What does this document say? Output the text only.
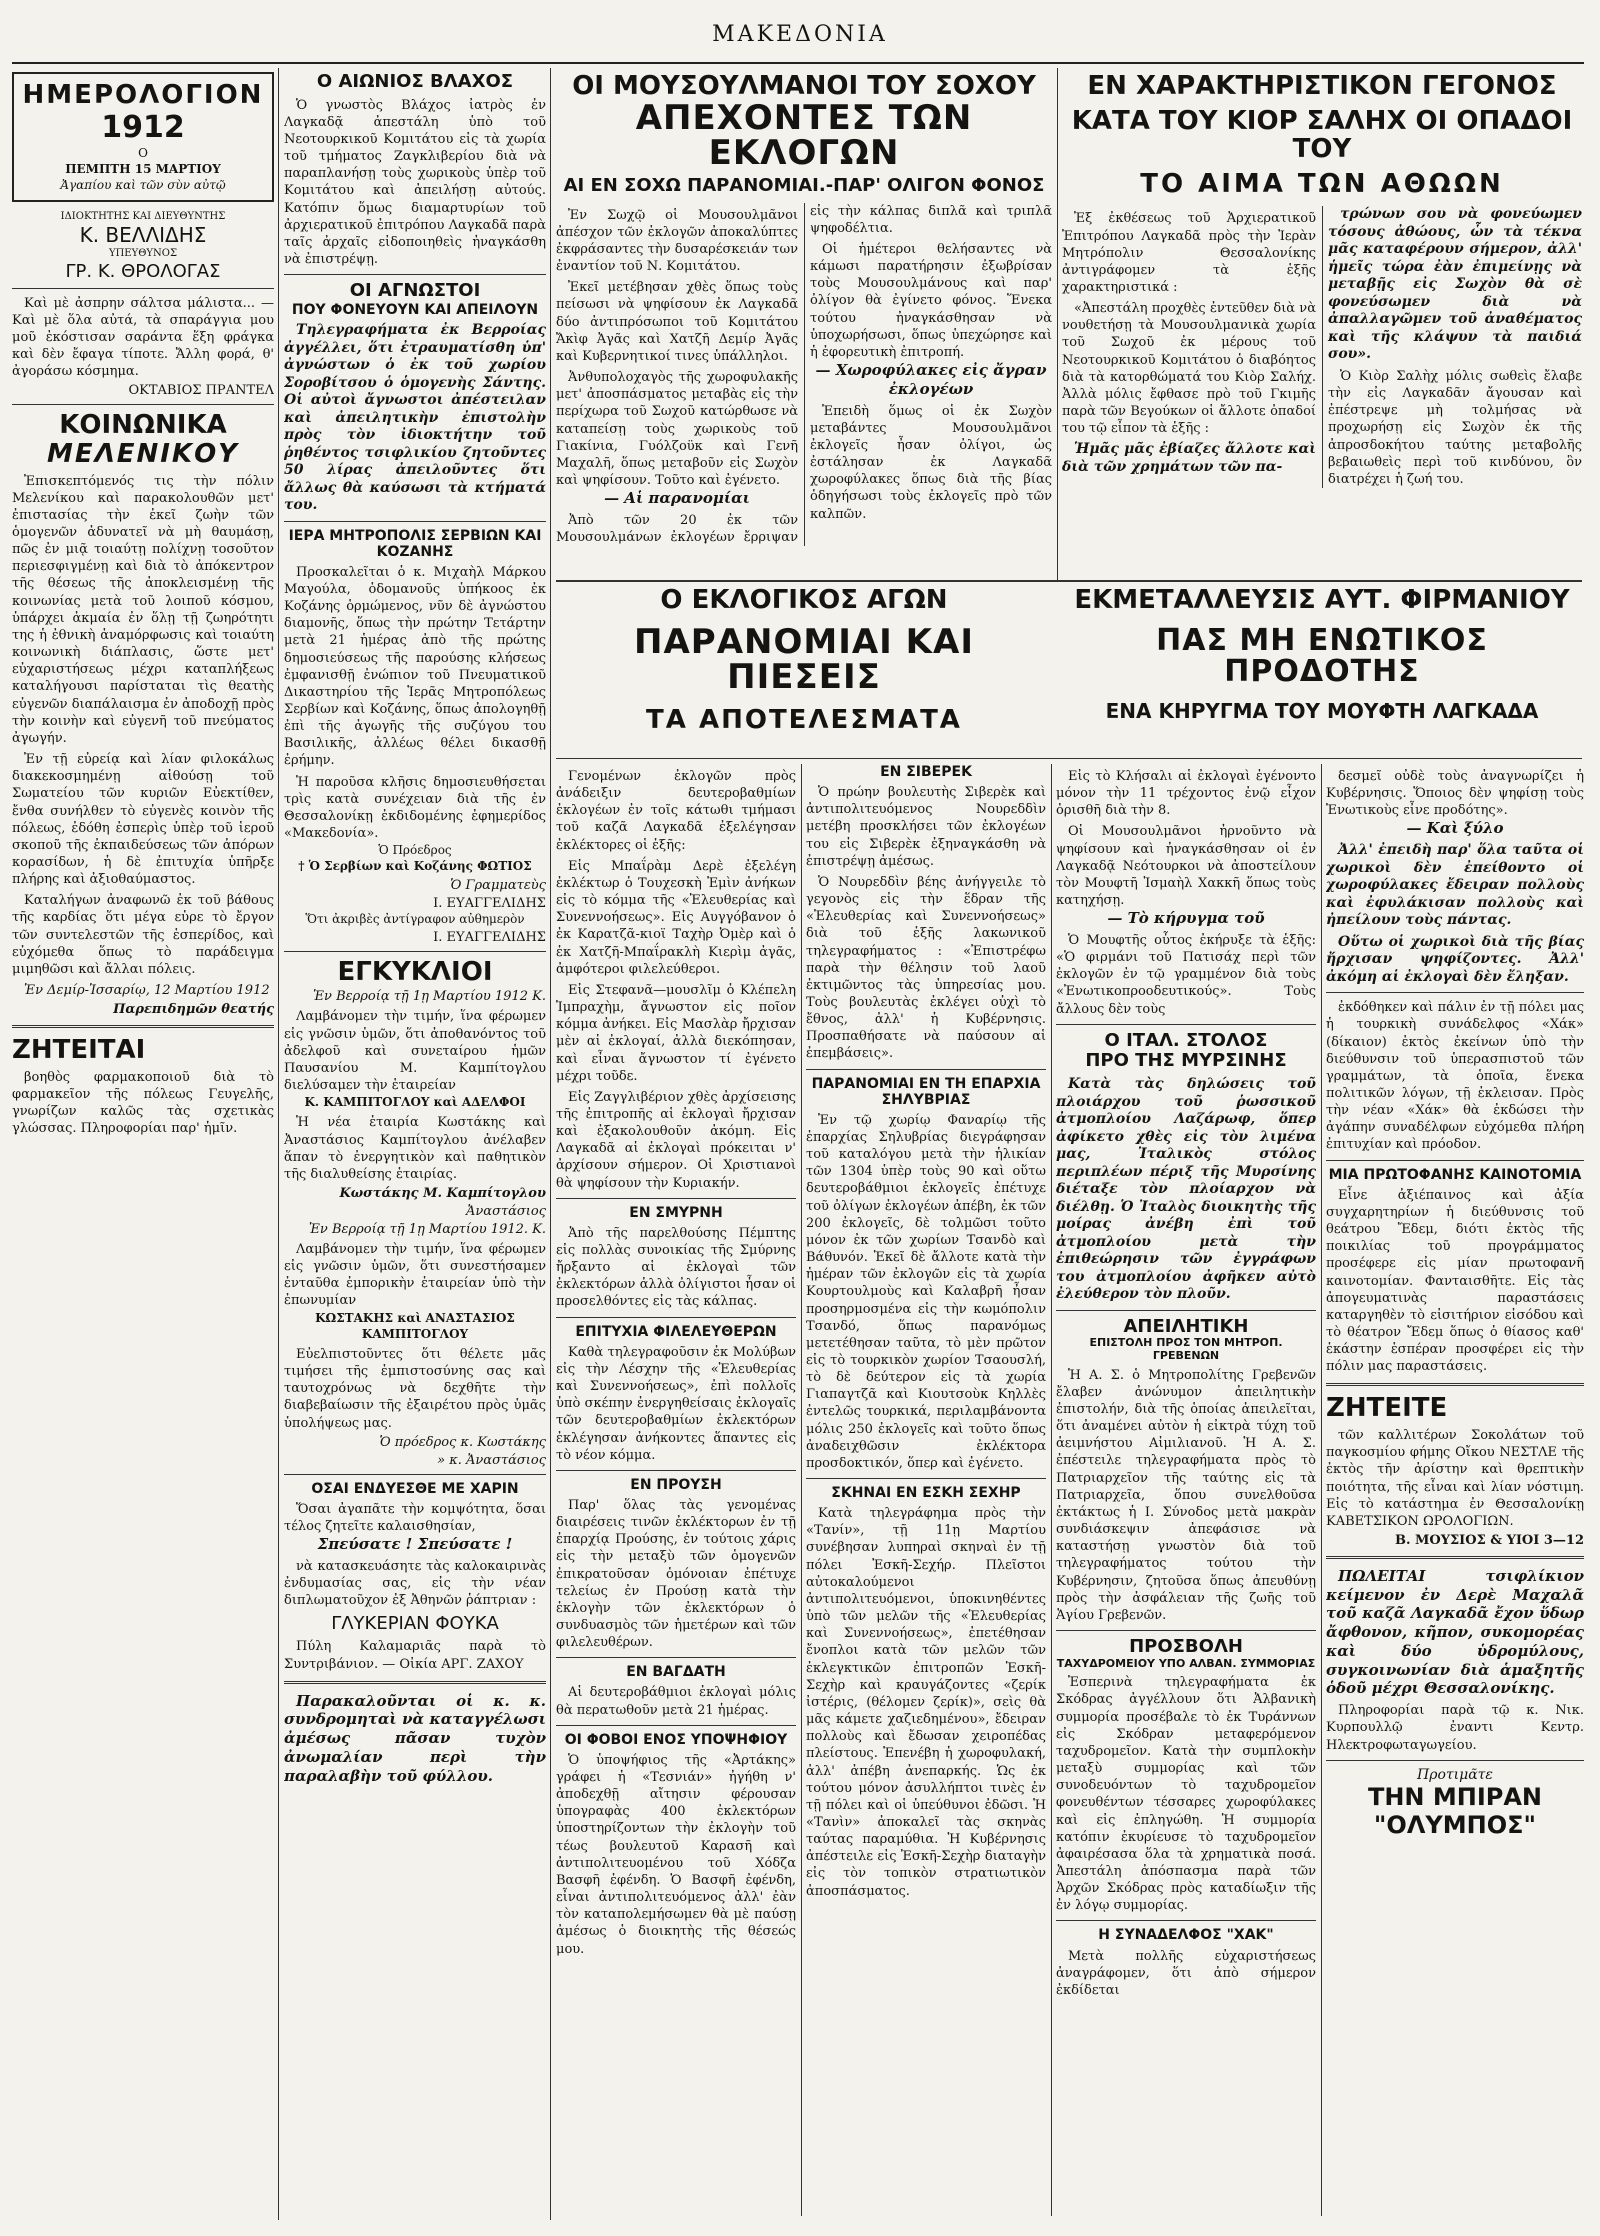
ΜΑΚΕΔΟΝΙΑ
ΗΜΕΡΟΛΟΓΙΟΝ
1912
Ο
ΠΕΜΠΤΗ 15 ΜΑΡΤΙΟΥ
Ἀγαπίου καὶ τῶν σὺν αὐτῷ
ΙΔΙΟΚΤΗΤΗΣ ΚΑΙ ΔΙΕΥΘΥΝΤΗΣ
Κ. ΒΕΛΛΙΔΗΣ
ΥΠΕΥΘΥΝΟΣ
ΓΡ. Κ. ΘΡΟΛΟΓΑΣ

Καὶ μὲ ἀσπρην σάλτσα μάλιστα... — Καὶ μὲ ὅλα αὐτά, τὰ σπαράγγια μου μοῦ ἐκόστισαν σαράντα ἕξη φράγκα καὶ δὲν ἔφαγα τίποτε. Ἄλλη φορά, θ' ἀγοράσω κόσμημα.

ΟΚΤΑΒΙΟΣ ΠΡΑΝΤΕΛ
ΚΟΙΝΩΝΙΚΑ
ΜΕΛΕΝΙΚΟΥ

Ἐπισκεπτόμενός τις τὴν πόλιν Μελενίκου καὶ παρακολουθῶν μετ' ἐπιστασίας τὴν ἐκεῖ ζωὴν τῶν ὁμογενῶν ἀδυνατεῖ νὰ μὴ θαυμάσῃ, πῶς ἐν μιᾷ τοιαύτῃ πολίχνῃ τοσοῦτον περιεσφιγμένῃ καὶ διὰ τὸ ἀπόκεντρον τῆς θέσεως τῆς ἀποκλεισμένῃ τῆς κοινωνίας μετὰ τοῦ λοιποῦ κόσμου, ὑπάρχει ἀκμαία ἐν ὅλῃ τῇ ζωηρότητι της ἡ ἐθνικὴ ἀναμόρφωσις καὶ τοιαύτη κοινωνικὴ διάπλασις, ὥστε μετ' εὐχαριστήσεως μέχρι καταπλήξεως καταλήγουσι παρίσταται τὶς θεατὴς εὐγενῶν διαπάλαισμα ἐν ἀποδοχῇ πρὸς τὴν κοινὴν καὶ εὐγενῆ τοῦ πνεύματος ἀγωγήν.

Ἐν τῇ εὐρείᾳ καὶ λίαν φιλοκάλως διακεκοσμημένῃ αἰθούσῃ τοῦ Σωματείου τῶν κυριῶν Εὐεκτίθεν, ἔνθα συνήλθεν τὸ εὐγενὲς κοινὸν τῆς πόλεως, ἐδόθη ἐσπερὶς ὑπὲρ τοῦ ἱεροῦ σκοποῦ τῆς ἐκπαιδεύσεως τῶν ἀπόρων κορασίδων, ἡ δὲ ἐπιτυχία ὑπῆρξε πλήρης καὶ ἀξιοθαύμαστος.

Καταλήγων ἀναφωνῶ ἐκ τοῦ βάθους τῆς καρδίας ὅτι μέγα εὑρε τὸ ἔργον τῶν συντελεστῶν τῆς ἑσπερίδος, καὶ εὐχόμεθα ὅπως τὸ παράδειγμα μιμηθῶσι καὶ ἄλλαι πόλεις.

Ἐν Δεμίρ-Ἰσσαρίῳ, 12 Μαρτίου 1912

Παρεπιδημῶν θεατής
ΖΗΤΕΙΤΑΙ

βοηθὸς φαρμακοποιοῦ διὰ τὸ φαρμακεῖον τῆς πόλεως Γευγελῆς, γνωρίζων καλῶς τὰς σχετικὰς γλώσσας. Πληροφορίαι παρ' ἡμῖν.

Ο ΑΙΩΝΙΟΣ ΒΛΑΧΟΣ

Ὁ γνωστὸς Βλάχος ἰατρὸς ἐν Λαγκαδᾷ ἀπεστάλη ὑπὸ τοῦ Νεοτουρκικοῦ Κομιτάτου εἰς τὰ χωρία τοῦ τμήματος Ζαγκλιβερίου διὰ νὰ παραπλανήσῃ τοὺς χωρικοὺς ὑπὲρ τοῦ Κομιτάτου καὶ ἀπειλήσῃ αὐτούς. Κατόπιν ὅμως διαμαρτυρίων τοῦ ἀρχιερατικοῦ ἐπιτρόπου Λαγκαδᾶ παρὰ ταῖς ἀρχαῖς εἰδοποιηθεὶς ἠναγκάσθη νὰ ἐπιστρέψῃ.

ΟΙ ΑΓΝΩΣΤΟΙ
ΠΟΥ ΦΟΝΕΥΟΥΝ ΚΑΙ ΑΠΕΙΛΟΥΝ

Τηλεγραφήματα ἐκ Βερροίας ἀγγέλλει, ὅτι ἐτραυματίσθη ὑπ' ἀγνώστων ὁ ἐκ τοῦ χωρίου Σοροβίτσου ὁ ὁμογενὴς Σάντης. Οἱ αὐτοὶ ἄγνωστοι ἀπέστειλαν καὶ ἀπειλητικὴν ἐπιστολὴν πρὸς τὸν ἰδιοκτήτην τοῦ ῥηθέντος τσιφλικίου ζητοῦντες 50 λίρας ἀπειλοῦντες ὅτι ἄλλως θὰ καύσωσι τὰ κτήματά του.

ΙΕΡΑ ΜΗΤΡΟΠΟΛΙΣ ΣΕΡΒΙΩΝ ΚΑΙ ΚΟΖΑΝΗΣ

Προσκαλεῖται ὁ κ. Μιχαὴλ Μάρκου Μαγούλα, ὁδομανοῦς ὑπήκοος ἐκ Κοζάνης ὁρμώμενος, νῦν δὲ ἀγνώστου διαμονῆς, ὅπως τὴν πρώτην Τετάρτην μετὰ 21 ἡμέρας ἀπὸ τῆς πρώτης δημοσιεύσεως τῆς παρούσης κλήσεως ἐμφανισθῇ ἐνώπιον τοῦ Πνευματικοῦ Δικαστηρίου τῆς Ἱερᾶς Μητροπόλεως Σερβίων καὶ Κοζάνης, ὅπως ἀπολογηθῇ ἐπὶ τῆς ἀγωγῆς τῆς συζύγου του Βασιλικῆς, ἀλλέως θέλει δικασθῇ ἐρήμην.

Ἡ παροῦσα κλῆσις δημοσιευθήσεται τρὶς κατὰ συνέχειαν διὰ τῆς ἐν Θεσσαλονίκῃ ἐκδιδομένης ἐφημερίδος «Μακεδονία».

Ὁ Πρόεδρος
† Ὁ Σερβίων καὶ Κοζάνης ΦΩΤΙΟΣ
Ὁ Γραμματεὺς
Ι. ΕΥΑΓΓΕΛΙΔΗΣ
Ὅτι ἀκριβὲς ἀντίγραφον αὐθημερὸν
Ι. ΕΥΑΓΓΕΛΙΔΗΣ
ΕΓΚΥΚΛΙΟΙ
Ἐν Βερροίᾳ τῇ 1ῃ Μαρτίου 1912 Κ.

Λαμβάνομεν τὴν τιμήν, ἵνα φέρωμεν εἰς γνῶσιν ὑμῶν, ὅτι ἀποθανόντος τοῦ ἀδελφοῦ καὶ συνεταίρου ἡμῶν Παυσανίου Μ. Καμπίτογλου διελύσαμεν τὴν ἑταιρείαν

Κ. ΚΑΜΠΙΤΟΓΛΟΥ καὶ ΑΔΕΛΦΟΙ

Ἡ νέα ἑταιρία Κωστάκης καὶ Ἀναστάσιος Καμπίτογλου ἀνέλαβεν ἅπαν τὸ ἐνεργητικὸν καὶ παθητικὸν τῆς διαλυθείσης ἑταιρίας.

Κωστάκης Μ. Καμπίτογλου
Ἀναστάσιος
Ἐν Βερροίᾳ τῇ 1ῃ Μαρτίου 1912. Κ.

Λαμβάνομεν τὴν τιμήν, ἵνα φέρωμεν εἰς γνῶσιν ὑμῶν, ὅτι συνεστήσαμεν ἐνταῦθα ἐμπορικὴν ἑταιρείαν ὑπὸ τὴν ἐπωνυμίαν

ΚΩΣΤΑΚΗΣ καὶ ΑΝΑΣΤΑΣΙΟΣ ΚΑΜΠΙΤΟΓΛΟΥ

Εὐελπιστοῦντες ὅτι θέλετε μᾶς τιμήσει τῆς ἐμπιστοσύνης σας καὶ ταυτοχρόνως νὰ δεχθῆτε τὴν διαβεβαίωσιν τῆς ἐξαιρέτου πρὸς ὑμᾶς ὑπολήψεως μας.

Ὁ πρόεδρος κ. Κωστάκης
» κ. Ἀναστάσιος
ΟΣΑΙ ΕΝΔΥΕΣΘΕ ΜΕ ΧΑΡΙΝ

Ὅσαι ἀγαπᾶτε τὴν κομψότητα, ὅσαι τέλος ζητεῖτε καλαισθησίαν,

Σπεύσατε ! Σπεύσατε !

νὰ κατασκευάσητε τὰς καλοκαιρινὰς ἐνδυμασίας σας, εἰς τὴν νέαν διπλωματοῦχον ἐξ Ἀθηνῶν ῥάπτριαν :

ΓΛΥΚΕΡΙΑΝ ΦΟΥΚΑ

Πύλη Καλαμαριᾶς παρὰ τὸ Συντριβάνιον. — Οἰκία ΑΡΓ. ΖΑΧΟΥ

Παρακαλοῦνται οἱ κ. κ. συνδρομηταὶ νὰ καταγγέλωσι ἀμέσως πᾶσαν τυχὸν ἀνωμαλίαν περὶ τὴν παραλαβὴν τοῦ φύλλου.

ΟΙ ΜΟΥΣΟΥΛΜΑΝΟΙ ΤΟΥ ΣΟΧΟΥ
ΑΠΕΧΟΝΤΕΣ ΤΩΝ ΕΚΛΟΓΩΝ
ΑΙ ΕΝ ΣΟΧΩ ΠΑΡΑΝΟΜΙΑΙ.-ΠΑΡ' ΟΛΙΓΟΝ ΦΟΝΟΣ

Ἐν Σωχῷ οἱ Μουσουλμᾶνοι ἀπέσχον τῶν ἐκλογῶν ἀποκαλύπτες ἐκφράσαντες τὴν δυσαρέσκειάν των ἐναντίον τοῦ Ν. Κομιτάτου.

Ἐκεῖ μετέβησαν χθὲς ὅπως τοὺς πείσωσι νὰ ψηφίσουν ἐκ Λαγκαδᾶ δύο ἀντιπρόσωποι τοῦ Κομιτάτου Ἄκὶφ Ἀγᾶς καὶ Χατζῆ Δεμίρ Ἀγᾶς καὶ Κυβερνητικοί τινες ὑπάλληλοι.

Ἀνθυπολοχαγὸς τῆς χωροφυλακῆς μετ' ἀποσπάσματος μεταβὰς εἰς τὴν περίχωρα τοῦ Σωχοῦ κατώρθωσε νὰ καταπείσῃ τοὺς χωρικοὺς τοῦ Γιακίνια, Γυόλζοϋκ καὶ Γενῆ Μαχαλῆ, ὅπως μεταβοῦν εἰς Σωχὸν καὶ ψηφίσουν. Τοῦτο καὶ ἐγένετο.

— Αἱ παρανομίαι

Ἀπὸ τῶν 20 ἐκ τῶν Μουσουλμάνων ἐκλογέων ἔρριψαν εἰς τὴν κάλπας διπλᾶ καὶ τριπλᾶ ψηφοδέλτια.

Οἱ ἡμέτεροι θελήσαντες νὰ κάμωσι παρατήρησιν ἐξωβρίσαν τοὺς Μουσουλμάνους καὶ παρ' ὀλίγον θὰ ἐγίνετο φόνος. Ἕνεκα τούτου ἠναγκάσθησαν νὰ ὑποχωρήσωσι, ὅπως ὑπεχώρησε καὶ ἡ ἐφορευτικὴ ἐπιτροπή.

— Χωροφύλακες εἰς ἄγραν ἐκλογέων

Ἐπειδὴ ὅμως οἱ ἐκ Σωχὸν μεταβάντες Μουσουλμᾶνοι ἐκλογεῖς ἦσαν ὀλίγοι, ὡς ἐστάλησαν ἐκ Λαγκαδᾶ χωροφύλακες ὅπως διὰ τῆς βίας ὁδηγήσωσι τοὺς ἐκλογεῖς πρὸ τῶν καλπῶν.

ΕΝ ΧΑΡΑΚΤΗΡΙΣΤΙΚΟΝ ΓΕΓΟΝΟΣ
ΚΑΤΑ ΤΟΥ ΚΙΟΡ ΣΑΛΗΧ ΟΙ ΟΠΑΔΟΙ ΤΟΥ
ΤΟ ΑΙΜΑ ΤΩΝ ΑΘΩΩΝ

Ἐξ ἐκθέσεως τοῦ Ἀρχιερατικοῦ Ἐπιτρόπου Λαγκαδᾶ πρὸς τὴν Ἱερὰν Μητρόπολιν Θεσσαλονίκης ἀντιγράφομεν τὰ ἑξῆς χαρακτηριστικά :

«Ἀπεστάλη προχθὲς ἐντεῦθεν διὰ νὰ νουθετήσῃ τὰ Μουσουλμανικὰ χωρία τοῦ Σωχοῦ ἐκ μέρους τοῦ Νεοτουρκικοῦ Κομιτάτου ὁ διαβόητος διὰ τὰ κατορθώματά του Κιὸρ Σαλήχ. Ἀλλὰ μόλις ἔφθασε πρὸ τοῦ Γκιμῆς παρὰ τῶν Βεγούκων οἱ ἄλλοτε ὀπαδοί του τῷ εἶπον τὰ ἑξῆς :

Ἡμᾶς μᾶς ἐβίαζες ἄλλοτε καὶ διὰ τῶν χρημάτων τῶν πα-

τρώνων σου νὰ φονεύωμεν τόσους ἀθώους, ὧν τὰ τέκνα μᾶς καταφέρουν σήμερον, ἀλλ' ἡμεῖς τώρα ἐὰν ἐπιμείνῃς νὰ μεταβῇς εἰς Σωχὸν θὰ σὲ φονεύσωμεν διὰ νὰ ἀπαλλαγῶμεν τοῦ ἀναθέματος καὶ τῆς κλάψυν τὰ παιδιά σου».

Ὁ Κιὸρ Σαλὴχ μόλις σωθεὶς ἔλαβε τὴν εἰς Λαγκαδᾶν ἄγουσαν καὶ ἐπέστρεψε μὴ τολμήσας νὰ προχωρήσῃ εἰς Σωχὸν ἐκ τῆς ἀπροσδοκήτου ταύτης μεταβολῆς βεβαιωθεὶς περὶ τοῦ κινδύνου, ὃν διατρέχει ἡ ζωή του.

Ο ΕΚΛΟΓΙΚΟΣ ΑΓΩΝ
ΠΑΡΑΝΟΜΙΑΙ ΚΑΙ ΠΙΕΣΕΙΣ
ΤΑ ΑΠΟΤΕΛΕΣΜΑΤΑ
ΕΚΜΕΤΑΛΛΕΥΣΙΣ ΑΥΤ. ΦΙΡΜΑΝΙΟΥ
ΠΑΣ ΜΗ ΕΝΩΤΙΚΟΣ ΠΡΟΔΟΤΗΣ
ΕΝΑ ΚΗΡΥΓΜΑ ΤΟΥ ΜΟΥΦΤΗ ΛΑΓΚΑΔΑ

Γενομένων ἐκλογῶν πρὸς ἀνάδειξιν δευτεροβαθμίων ἐκλογέων ἐν τοῖς κάτωθι τμήμασι τοῦ καζᾶ Λαγκαδᾶ ἐξελέγησαν ἐκλέκτορες οἱ ἑξῆς:

Εἰς Μπαΐρὰμ Δερὲ ἐξελέγη ἐκλέκτωρ ὁ Τουχεσκὴ Ἐμὶν ἀνήκων εἰς τὸ κόμμα τῆς «Ἐλευθερίας καὶ Συνεννοήσεως». Εἰς Αυγγόβανον ὁ ἐκ Καρατζᾶ-κιοϊ Ταχὴρ Ὀμὲρ καὶ ὁ ἐκ Χατζῆ-Μπαΐρακλὴ Κιερὶμ ἀγᾶς, ἀμφότεροι φιλελεύθεροι.

Εἰς Στεφανᾶ—μουσλῖμ ὁ Κλέπελη Ἰμπραχὴμ, ἄγνωστον εἰς ποῖον κόμμα ἀνήκει. Εἰς Μασλὰρ ἤρχισαν μὲν αἱ ἐκλογαί, ἀλλὰ διεκόπησαν, καὶ εἶναι ἄγνωστον τί ἐγένετο μέχρι τοῦδε.

Εἰς Ζαγγλιβέριον χθὲς ἀρχίσεισης τῆς ἐπιτροπῆς αἱ ἐκλογαὶ ἤρχισαν καὶ ἐξακολουθοῦν ἀκόμη. Εἰς Λαγκαδᾶ αἱ ἐκλογαὶ πρόκειται ν' ἀρχίσουν σήμερον. Οἱ Χριστιανοὶ θὰ ψηφίσουν τὴν Κυριακήν.

ΕΝ ΣΜΥΡΝΗ

Ἀπὸ τῆς παρελθούσης Πέμπτης εἰς πολλὰς συνοικίας τῆς Σμύρνης ἤρξαντο αἱ ἐκλογαὶ τῶν ἐκλεκτόρων ἀλλὰ ὀλίγιστοι ἦσαν οἱ προσελθόντες εἰς τὰς κάλπας.

ΕΠΙΤΥΧΙΑ ΦΙΛΕΛΕΥΘΕΡΩΝ

Καθὰ τηλεγραφοῦσιν ἐκ Μολύβων εἰς τὴν Λέσχην τῆς «Ἐλευθερίας καὶ Συνεννοήσεως», ἐπὶ πολλοῖς ὑπὸ σκέπην ἐνεργηθείσαις ἐκλογαῖς τῶν δευτεροβαθμίων ἐκλεκτόρων ἐκλέγησαν ἀνήκοντες ἅπαντες εἰς τὸ νέον κόμμα.

ΕΝ ΠΡΟΥΣΗ

Παρ' ὅλας τὰς γενομένας διαιρέσεις τινῶν ἐκλέκτορων ἐν τῇ ἐπαρχίᾳ Προύσης, ἐν τούτοις χάρις εἰς τὴν μεταξὺ τῶν ὁμογενῶν ἐπικρατοῦσαν ὁμόνοιαν ἐπέτυχε τελείως ἐν Προύσῃ κατὰ τὴν ἐκλογὴν τῶν ἐκλεκτόρων ὁ συνδυασμὸς τῶν ἡμετέρων καὶ τῶν φιλελευθέρων.

ΕΝ ΒΑΓΔΑΤΗ

Αἱ δευτεροβάθμιοι ἐκλογαὶ μόλις θὰ περατωθοῦν μετὰ 21 ἡμέρας.

ΟΙ ΦΟΒΟΙ ΕΝΟΣ ΥΠΟΨΗΦΙΟΥ

Ὁ ὑποψήφιος τῆς «Ἀρτάκης» γράφει ἡ «Τεσνιάν» ἠγήθη ν' ἀποδεχθῇ αἴτησιν φέρουσαν ὑπογραφὰς 400 ἐκλεκτόρων ὑποστηρίζοντων τὴν ἐκλογὴν τοῦ τέως βουλευτοῦ Καρασῆ καὶ ἀντιπολιτευομένου τοῦ Χόδζα Βασφῆ ἐφένδη. Ὁ Βασφῆ ἐφένδη, εἶναι ἀντιπολιτευόμενος ἀλλ' ἐὰν τὸν καταπολεμήσωμεν θὰ μὲ παύσῃ ἀμέσως ὁ διοικητὴς τῆς θέσεώς μου.

ΕΝ ΣΙΒΕΡΕΚ

Ὁ πρώην βουλευτὴς Σιβερὲκ καὶ ἀντιπολιτευόμενος Νουρεδδὶν μετέβη προσκλήσει τῶν ἐκλογέων του εἰς Σιβερὲκ ἐξηναγκάσθη νὰ ἐπιστρέψῃ ἀμέσως.

Ὁ Νουρεδδὶν βέης ἀνήγγειλε τὸ γεγονὸς εἰς τὴν ἕδραν τῆς «Ἐλευθερίας καὶ Συνεννοήσεως» διὰ τοῦ ἑξῆς λακωνικοῦ τηλεγραφήματος : «Ἐπιστρέφω παρὰ τὴν θέλησιν τοῦ λαοῦ ἐκτιμῶντος τὰς ὑπηρεσίας μου. Τοὺς βουλευτὰς ἐκλέγει οὐχὶ τὸ ἔθνος, ἀλλ' ἡ Κυβέρνησις. Προσπαθήσατε νὰ παύσουν αἱ ἐπεμβάσεις».

ΠΑΡΑΝΟΜΙΑΙ ΕΝ ΤΗ ΕΠΑΡΧΙΑ ΣΗΛΥΒΡΙΑΣ

Ἐν τῷ χωρίῳ Φαναρίῳ τῆς ἐπαρχίας Σηλυβρίας διεγράφησαν τοῦ καταλόγου μετὰ τὴν ἡλικίαν τῶν 1304 ὑπὲρ τοὺς 90 καὶ οὕτω δευτεροβάθμιοι ἐκλογεῖς ἐπέτυχε τοῦ ὀλίγων ἐκλογέων ἀπέβη, ἐκ τῶν 200 ἐκλογεῖς, δὲ τολμῶσι τοῦτο μόνον ἐκ τῶν χωρίων Τσανδὸ καὶ Βάθυνόν. Ἐκεῖ δὲ ἄλλοτε κατὰ τὴν ἡμέραν τῶν ἐκλογῶν εἰς τὰ χωρία Κουρτουλμοὺς καὶ Καλαβρῆ ἦσαν προσηρμοσμένα εἰς τὴν κωμόπολιν Τσανδό, ὅπως παρανόμως μετετέθησαν ταῦτα, τὸ μὲν πρῶτον εἰς τὸ τουρκικὸν χωρίον Τσαουσλή, τὸ δὲ δεύτερον εἰς τὰ χωρία Γιαπαγτζᾶ καὶ Κιουτσοὺκ Κηλλὲς ἐντελῶς τουρκικά, περιλαμβάνοντα μόλις 250 ἐκλογεῖς καὶ τοῦτο ὅπως ἀναδειχθῶσιν ἐκλέκτορα προσδοκτικόν, ὅπερ καὶ ἐγένετο.

ΣΚΗΝΑΙ ΕΝ ΕΣΚΗ ΣΕΧΗΡ

Κατὰ τηλεγράφημα πρὸς τὴν «Τανίν», τῇ 11ῃ Μαρτίου συνέβησαν λυπηραὶ σκηναὶ ἐν τῇ πόλει Ἐσκῆ-Σεχήρ. Πλεῖστοι αὐτοκαλούμενοι ἀντιπολιτευόμενοι, ὑποκινηθέντες ὑπὸ τῶν μελῶν τῆς «Ἐλευθερίας καὶ Συνεννοήσεως», ἐπετέθησαν ἔνοπλοι κατὰ τῶν μελῶν τῶν ἐκλεγκτικῶν ἐπιτροπῶν Ἐσκῆ-Σεχὴρ καὶ κραυγάζοντες «ζερίκ ἰστέρις, (θέλομεν ζερίκ)», σεὶς θὰ μᾶς κάμετε χαζιεδημένου», ἔδειραν πολλοὺς καὶ ἔδωσαν χειροπέδας πλείστους. Ἐπενέβη ἡ χωροφυλακή, ἀλλ' ἀπέβη ἀνεπαρκής. Ὡς ἐκ τούτου μόνον ἀσυλλήπτοι τινὲς ἐν τῇ πόλει καὶ οἱ ὑπεύθυνοι ἐδῶσι. Ἡ «Τανὶν» ἀποκαλεῖ τὰς σκηνὰς ταύτας παραμύθια. Ἡ Κυβέρνησις ἀπέστειλε εἰς Ἐσκῆ-Σεχὴρ διαταγὴν εἰς τὸν τοπικὸν στρατιωτικὸν ἀποσπάσματος.

Εἰς τὸ Κλήσαλι αἱ ἐκλογαὶ ἐγένοντο μόνον τὴν 11 τρέχοντος ἐνῷ εἶχον ὁρισθῆ διὰ τὴν 8.

Οἱ Μουσουλμᾶνοι ἠρνοῦντο νὰ ψηφίσουν καὶ ἠναγκάσθησαν οἱ ἐν Λαγκαδᾷ Νεότουρκοι νὰ ἀποστείλουν τὸν Μουφτῆ Ἰσμαὴλ Χακκῆ ὅπως τοὺς κατηχήσῃ.

— Τὸ κήρυγμα τοῦ

Ὁ Μουφτῆς οὗτος ἐκήρυξε τὰ ἑξῆς: «Ὁ φιρμάνι τοῦ Πατισάχ περὶ τῶν ἐκλογῶν ἐν τῷ γραμμένον διὰ τοὺς «Ἐνωτικοπροοδευτικούς». Τοὺς ἄλλους δὲν τοὺς

Ο ΙΤΑΛ. ΣΤΟΛΟΣ
ΠΡΟ ΤΗΣ ΜΥΡΣΙΝΗΣ

Κατὰ τὰς δηλώσεις τοῦ πλοιάρχου τοῦ ῥωσσικοῦ ἀτμοπλοίου Λαζάρωφ, ὅπερ ἀφίκετο χθὲς εἰς τὸν λιμένα μας, Ἰταλικὸς στόλος περιπλέων πέριξ τῆς Μυρσίνης διέταξε τὸν πλοίαρχον νὰ διέλθῃ. Ὁ Ἰταλὸς διοικητὴς τῆς μοίρας ἀνέβη ἐπὶ τοῦ ἀτμοπλοίου μετὰ τὴν ἐπιθεώρησιν τῶν ἐγγράφων του ἀτμοπλοίου ἀφῆκεν αὐτὸ ἐλεύθερον τὸν πλοῦν.

ΑΠΕΙΛΗΤΙΚΗ
ΕΠΙΣΤΟΛΗ ΠΡΟΣ ΤΟΝ ΜΗΤΡΟΠ. ΓΡΕΒΕΝΩΝ

Ἡ Α. Σ. ὁ Μητροπολίτης Γρεβενῶν ἔλαβεν ἀνώνυμον ἀπειλητικὴν ἐπιστολήν, διὰ τῆς ὁποίας ἀπειλεῖται, ὅτι ἀναμένει αὐτὸν ἡ εἰκτρὰ τύχη τοῦ ἀειμνήστου Αἰμιλιανοῦ. Ἡ Α. Σ. ἐπέστειλε τηλεγραφήματα πρὸς τὸ Πατριαρχεῖον τῆς ταύτης εἰς τὰ Πατριαρχεῖα, ὅπου συνελθοῦσα ἐκτάκτως ἡ Ι. Σύνοδος μετὰ μακρὰν συνδιάσκεψιν ἀπεφάσισε νὰ καταστήσῃ γνωστὸν διὰ τοῦ τηλεγραφήματος τούτου τὴν Κυβέρνησιν, ζητοῦσα ὅπως ἀπευθύνῃ πρὸς τὴν ἀσφάλειαν τῆς ζωῆς τοῦ Ἁγίου Γρεβενῶν.

ΠΡΟΣΒΟΛΗ
ΤΑΧΥΔΡΟΜΕΙΟΥ ΥΠΟ ΑΛΒΑΝ. ΣΥΜΜΟΡΙΑΣ

Ἐσπερινὰ τηλεγραφήματα ἐκ Σκόδρας ἀγγέλλουν ὅτι Ἀλβανικὴ συμμορία προσέβαλε τὸ ἐκ Τυράννων εἰς Σκόδραν μεταφερόμενον ταχυδρομεῖον. Κατὰ τὴν συμπλοκὴν μεταξὺ συμμορίας καὶ τῶν συνοδευόντων τὸ ταχυδρομεῖον φονευθέντων τέσσαρες χωροφύλακες καὶ εἰς ἐπληγώθη. Ἡ συμμορία κατόπιν ἐκυρίευσε τὸ ταχυδρομεῖον ἀφαιρέσασα ὅλα τὰ χρηματικὰ ποσά. Ἀπεστάλη ἀπόσπασμα παρὰ τῶν Ἀρχῶν Σκόδρας πρὸς καταδίωξιν τῆς ἐν λόγῳ συμμορίας.

Η ΣΥΝΑΔΕΛΦΟΣ "ΧΑΚ"

Μετὰ πολλῆς εὐχαριστήσεως ἀναγράφομεν, ὅτι ἀπὸ σήμερον ἐκδίδεται

δεσμεῖ οὐδὲ τοὺς ἀναγνωρίζει ἡ Κυβέρνησις. Ὅποιος δὲν ψηφίσῃ τοὺς Ἐνωτικοὺς εἶνε προδότης».

— Καὶ ξύλο

Ἀλλ' ἐπειδὴ παρ' ὅλα ταῦτα οἱ χωρικοὶ δὲν ἐπείθοντο οἱ χωροφύλακες ἔδειραν πολλοὺς καὶ ἐφυλάκισαν πολλοὺς καὶ ἠπείλουν τοὺς πάντας.

Οὕτω οἱ χωρικοὶ διὰ τῆς βίας ἤρχισαν ψηφίζοντες. Ἀλλ' ἀκόμη αἱ ἐκλογαὶ δὲν ἔληξαν.

ἐκδόθηκεν καὶ πάλιν ἐν τῇ πόλει μας ἡ τουρκικὴ συνάδελφος «Χάκ» (δίκαιον) ἐκτὸς ἐκείνων ὑπὸ τὴν διεύθυνσιν τοῦ ὑπερασπιστοῦ τῶν γραμμάτων, τὰ ὁποῖα, ἕνεκα πολιτικῶν λόγων, τῇ ἐκλεισαν. Πρὸς τὴν νέαν «Χάκ» θὰ ἐκδώσει τὴν ἀγάπην συναδέλφων εὐχόμεθα πλήρη ἐπιτυχίαν καὶ πρόοδον.

ΜΙΑ ΠΡΩΤΟΦΑΝΗΣ ΚΑΙΝΟΤΟΜΙΑ

Εἶνε ἀξιέπαινος καὶ ἀξία συγχαρητηρίων ἡ διεύθυνσις τοῦ θεάτρου Ἔδεμ, διότι ἐκτὸς τῆς ποικιλίας τοῦ προγράμματος προσέφερε εἰς μίαν πρωτοφανῆ καινοτομίαν. Φανταισθῆτε. Εἰς τὰς ἀπογευματινὰς παραστάσεις καταργηθὲν τὸ εἰσιτήριον εἰσόδου καὶ τὸ θέατρον Ἔδεμ ὅπως ὁ θίασος καθ' ἑκάστην ἑσπέραν προσφέρει εἰς τὴν πόλιν μας παραστάσεις.

ΖΗΤΕΙΤΕ

τῶν καλλιτέρων Σοκολάτων τοῦ παγκοσμίου φήμης Οἴκου ΝΕΣΤΛΕ τῆς ἐκτὸς τῆν ἀρίστην καὶ θρεπτικὴν ποιότητα, τῆς εἶναι καὶ λίαν νόστιμη. Εἰς τὸ κατάστημα ἐν Θεσσαλονίκῃ ΚΑΒΕΤΣΙΚΟΝ ΩΡΟΛΟΓΙΩΝ.

Β. ΜΟΥΣΙΟΣ & ΥΙΟΙ 3—12

ΠΩΛΕΙΤΑΙ τσιφλίκιον κείμενον ἐν Δερὲ Μαχαλᾶ τοῦ καζᾶ Λαγκαδᾶ ἔχον ὕδωρ ἄφθονον, κῆπον, συκομορέας καὶ δύο ὑδρομύλους, συγκοινωνίαν διὰ ἁμαξητῆς ὁδοῦ μέχρι Θεσσαλονίκης.

Πληροφορίαι παρὰ τῷ κ. Νικ. Κυρπουλλῷ ἐναντι Κεντρ. Ηλεκτροφωταγωγείου.

Προτιμᾶτε
ΤΗΝ ΜΠΙΡΑΝ "ΟΛΥΜΠΟΣ"
